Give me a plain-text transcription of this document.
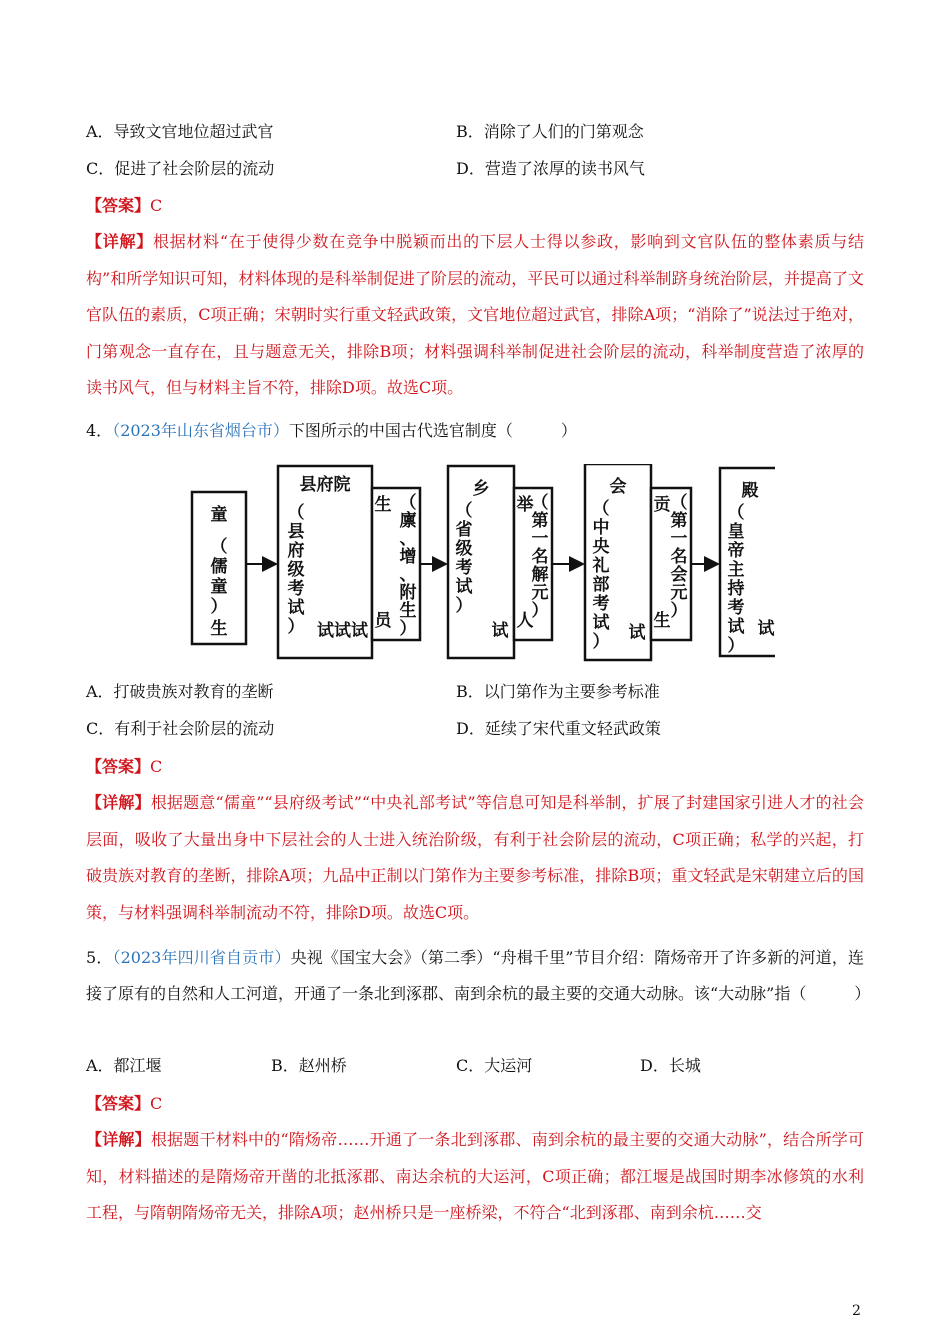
A．导致文官地位超过武官	B．消除了人们的门第观念
C．促进了社会阶层的流动	D．营造了浓厚的读书风气
【答案】C
【详解】根据材料“在于使得少数在竞争中脱颖而出的下层人士得以参政，影响到文官队伍的整体素质与结构”和所学知识可知，材料体现的是科举制促进了阶层的流动，平民可以通过科举制跻身统治阶层，并提高了文官队伍的素质，C项正确；宋朝时实行重文轻武政策，文官地位超过武官，排除A项；“消除了”说法过于绝对，门第观念一直存在，且与题意无关，排除B项；材料强调科举制促进社会阶层的流动，科举制度营造了浓厚的读书风气，但与材料主旨不符，排除D项。故选C项。
4．（2023年山东省烟台市）下图所示的中国古代选官制度（　　　）
童
（
儒
童
）
生
县府院
（
县
府
级
考
试
） 试试试
乡
（
省
级
考
试
）
试
会
（
中
央
礼
部
考
试
） 试
殿
（
皇
帝
主
持
考
试
）
试
生 （
廪
、
增
、
附
生
）
员
举
（
第
一
名
解
元
）
人
贡 （
第
一
名
会
元
）
生
A．打破贵族对教育的垄断	B．以门第作为主要参考标准
C．有利于社会阶层的流动	D．延续了宋代重文轻武政策
【答案】C
【详解】根据题意“儒童”“县府级考试”“中央礼部考试”等信息可知是科举制，扩展了封建国家引进人才的社会层面，吸收了大量出身中下层社会的人士进入统治阶级，有利于社会阶层的流动，C项正确；私学的兴起，打破贵族对教育的垄断，排除A项；九品中正制以门第作为主要参考标准，排除B项；重文轻武是宋朝建立后的国策，与材料强调科举制流动不符，排除D项。故选C项。
5．（2023年四川省自贡市）央视《国宝大会》（第二季）“舟楫千里”节目介绍：隋炀帝开了许多新的河道，连接了原有的自然和人工河道，开通了一条北到涿郡、南到余杭的最主要的交通大动脉。该“大动脉”指（　　　）
A．都江堰	B．赵州桥	C．大运河	D．长城
【答案】C
【详解】根据题干材料中的“隋炀帝……开通了一条北到涿郡、南到余杭的最主要的交通大动脉”，结合所学可知，材料描述的是隋炀帝开凿的北抵涿郡、南达余杭的大运河，C项正确；都江堰是战国时期李冰修筑的水利工程，与隋朝隋炀帝无关，排除A项；赵州桥只是一座桥梁，不符合“北到涿郡、南到余杭……交
2
